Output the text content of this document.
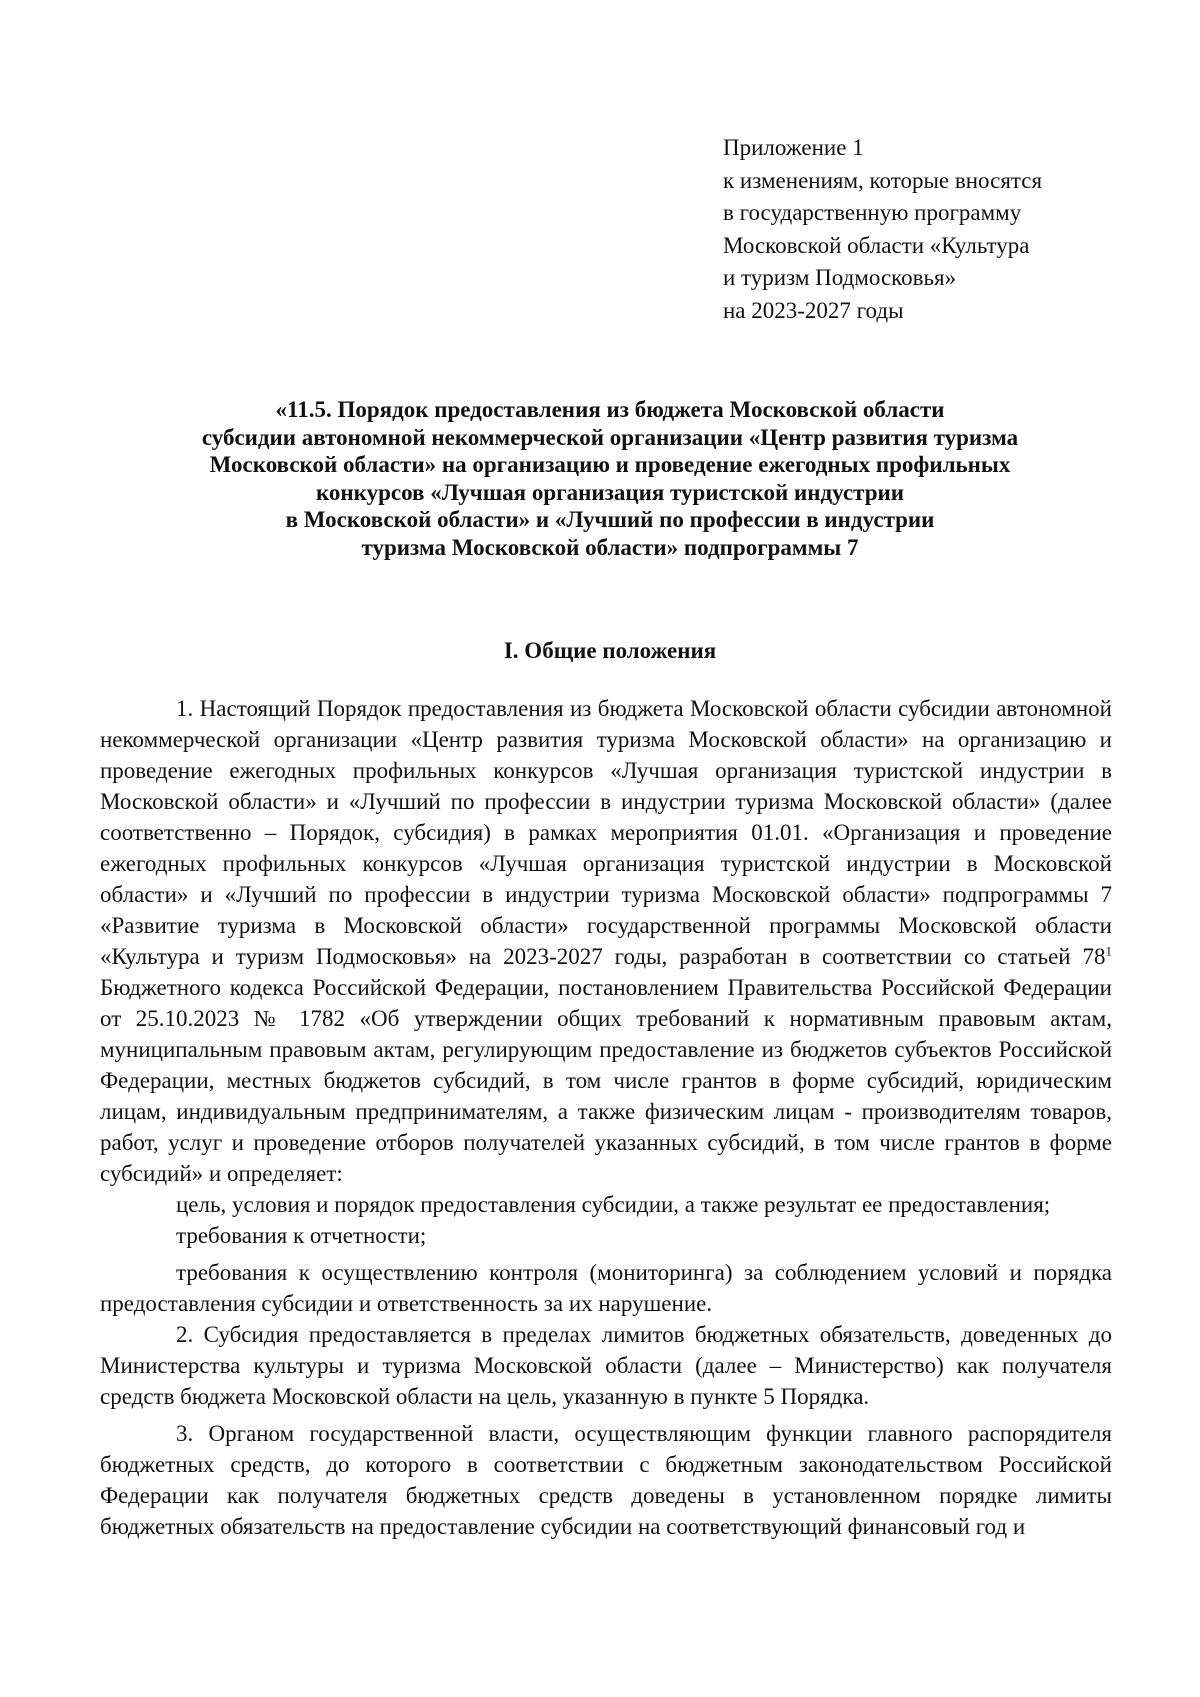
Приложение 1
к изменениям, которые вносятся
в государственную программу
Московской области «Культура
и туризм Подмосковья»
на 2023-2027 годы
«11.5. Порядок предоставления из бюджета Московской области
субсидии автономной некоммерческой организации «Центр развития туризма
Московской области» на организацию и проведение ежегодных профильных
конкурсов «Лучшая организация туристской индустрии
в Московской области» и «Лучший по профессии в индустрии
туризма Московской области» подпрограммы 7
I. Общие положения

1. Настоящий Порядок предоставления из бюджета Московской области субсидии автономной некоммерческой организации «Центр развития туризма Московской области» на организацию и проведение ежегодных профильных конкурсов «Лучшая организация туристской индустрии в Московской области» и «Лучший по профессии в индустрии туризма Московской области» (далее соответственно – Порядок, субсидия) в рамках мероприятия 01.01. «Организация и проведение ежегодных профильных конкурсов «Лучшая организация туристской индустрии в Московской области» и «Лучший по профессии в индустрии туризма Московской области» подпрограммы 7 «Развитие туризма в Московской области» государственной программы Московской области «Культура и туризм Подмосковья» на 2023-2027 годы, разработан в соответствии со статьей $78^1$ Бюджетного кодекса Российской Федерации, постановлением Правительства Российской Федерации от 25.10.2023 № 1782 «Об утверждении общих требований к нормативным правовым актам, муниципальным правовым актам, регулирующим предоставление из бюджетов субъектов Российской Федерации, местных бюджетов субсидий, в том числе грантов в форме субсидий, юридическим лицам, индивидуальным предпринимателям, а также физическим лицам - производителям товаров, работ, услуг и проведение отборов получателей указанных субсидий, в том числе грантов в форме субсидий» и определяет:

цель, условия и порядок предоставления субсидии, а также результат ее предоставления;

требования к отчетности;

требования к осуществлению контроля (мониторинга) за соблюдением условий и порядка предоставления субсидии и ответственность за их нарушение.

2. Субсидия предоставляется в пределах лимитов бюджетных обязательств, доведенных до Министерства культуры и туризма Московской области (далее – Министерство) как получателя средств бюджета Московской области на цель, указанную в пункте 5 Порядка.

3. Органом государственной власти, осуществляющим функции главного распорядителя бюджетных средств, до которого в соответствии с бюджетным законодательством Российской Федерации как получателя бюджетных средств доведены в установленном порядке лимиты бюджетных обязательств на предоставление субсидии на соответствующий финансовый год и
